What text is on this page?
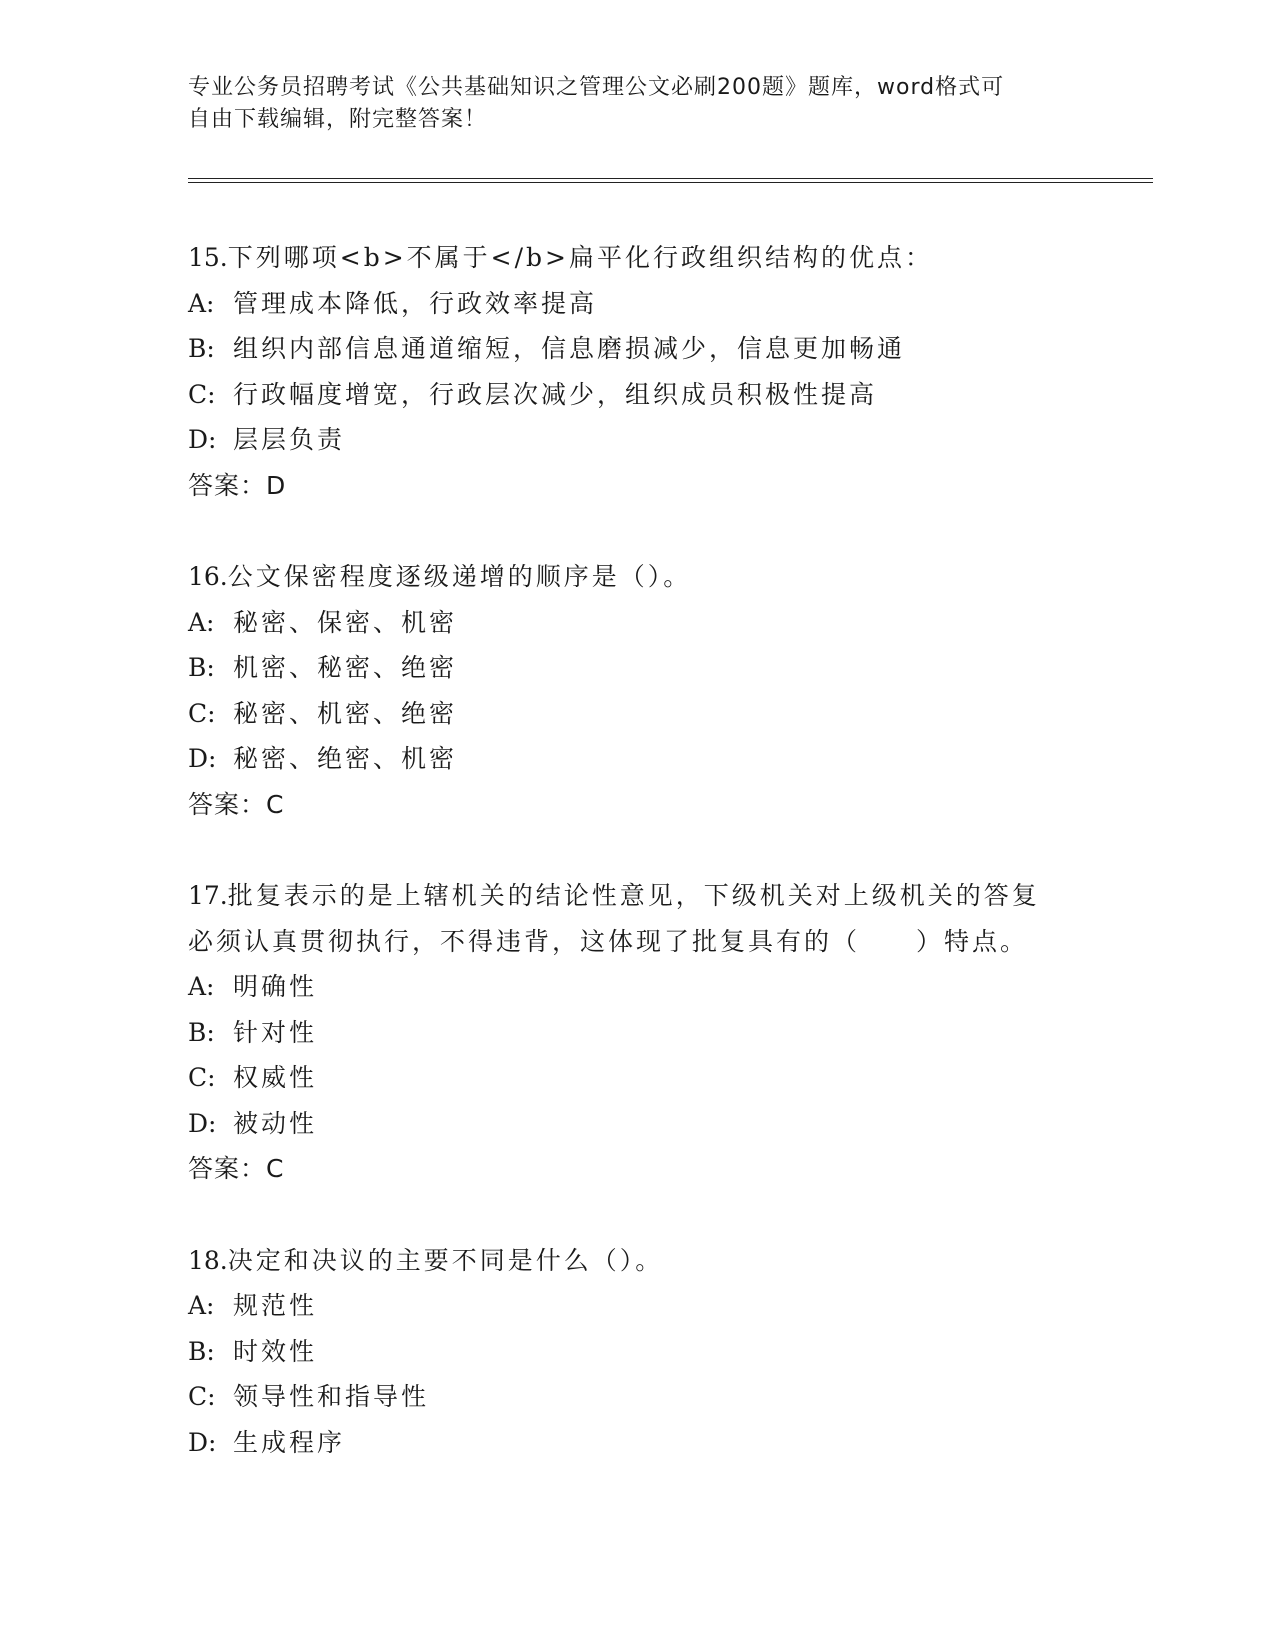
专业公务员招聘考试《公共基础知识之管理公文必刷200题》题库，word格式可
自由下载编辑，附完整答案！
15.下列哪项<b>不属于</b>扁平化行政组织结构的优点：
A: 管理成本降低，行政效率提高
B: 组织内部信息通道缩短，信息磨损减少，信息更加畅通
C: 行政幅度增宽，行政层次减少，组织成员积极性提高
D: 层层负责
答案：D
16.公文保密程度逐级递增的顺序是（）。
A: 秘密、保密、机密
B: 机密、秘密、绝密
C: 秘密、机密、绝密
D: 秘密、绝密、机密
答案：C
17.批复表示的是上辖机关的结论性意见，下级机关对上级机关的答复
必须认真贯彻执行，不得违背，这体现了批复具有的（　　）特点。
A: 明确性
B: 针对性
C: 权威性
D: 被动性
答案：C
18.决定和决议的主要不同是什么（）。
A: 规范性
B: 时效性
C: 领导性和指导性
D: 生成程序
